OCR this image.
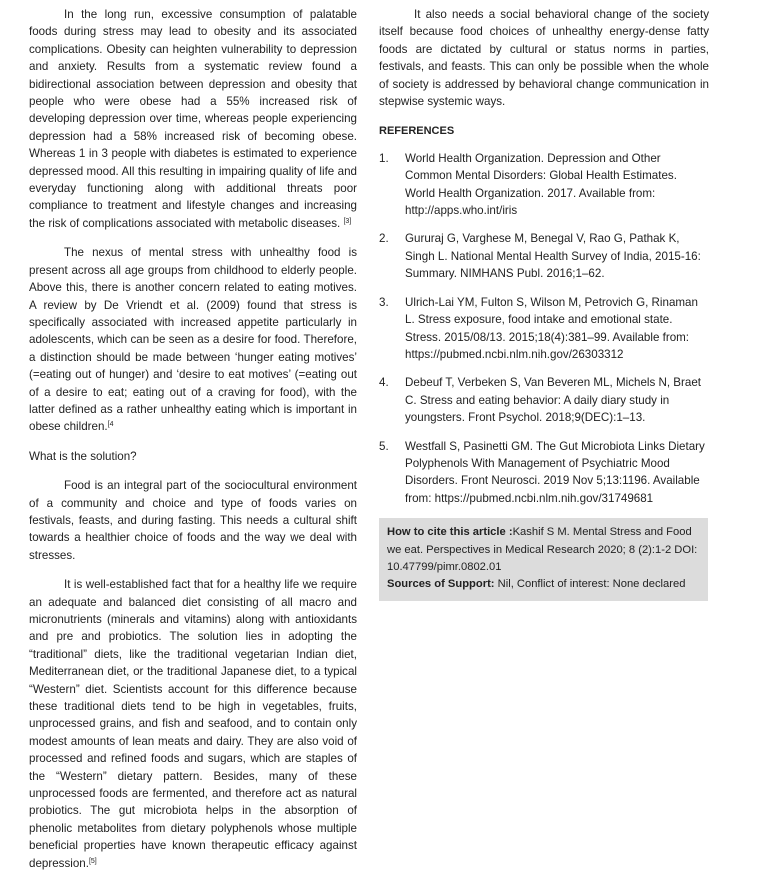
In the long run, excessive consumption of palatable foods during stress may lead to obesity and its associated complications. Obesity can heighten vulnerability to depression and anxiety. Results from a systematic review found a bidirectional association between depression and obesity that people who were obese had a 55% increased risk of developing depression over time, whereas people experiencing depression had a 58% increased risk of becoming obese. Whereas 1 in 3 people with diabetes is estimated to experience depressed mood. All this resulting in impairing quality of life and everyday functioning along with additional threats poor compliance to treatment and lifestyle changes and increasing the risk of complications associated with metabolic diseases. [3]

The nexus of mental stress with unhealthy food is present across all age groups from childhood to elderly people. Above this, there is another concern related to eating motives. A review by De Vriendt et al. (2009) found that stress is specifically associated with increased appetite particularly in adolescents, which can be seen as a desire for food. Therefore, a distinction should be made between ‘hunger eating motives’ (=eating out of hunger) and ‘desire to eat motives’ (=eating out of a desire to eat; eating out of a craving for food), with the latter defined as a rather unhealthy eating which is important in obese children.$^{[4}$

What is the solution?

Food is an integral part of the sociocultural environment of a community and choice and type of foods varies on festivals, feasts, and during fasting. This needs a cultural shift towards a healthier choice of foods and the way we deal with stresses.

It is well-established fact that for a healthy life we require an adequate and balanced diet consisting of all macro and micronutrients (minerals and vitamins) along with antioxidants and pre and probiotics. The solution lies in adopting the “traditional” diets, like the traditional vegetarian Indian diet, Mediterranean diet, or the traditional Japanese diet, to a typical “Western” diet. Scientists account for this difference because these traditional diets tend to be high in vegetables, fruits, unprocessed grains, and fish and seafood, and to contain only modest amounts of lean meats and dairy. They are also void of processed and refined foods and sugars, which are staples of the “Western” dietary pattern. Besides, many of these unprocessed foods are fermented, and therefore act as natural probiotics. The gut microbiota helps in the absorption of phenolic metabolites from dietary polyphenols whose multiple beneficial properties have known therapeutic efficacy against depression.[5]

It also needs a social behavioral change of the society itself because food choices of unhealthy energy-dense fatty foods are dictated by cultural or status norms in parties, festivals, and feasts. This can only be possible when the whole of society is addressed by behavioral change communication in stepwise systemic ways.

REFERENCES
1. World Health Organization. Depression and Other Common Mental Disorders: Global Health Estimates. World Health Organization. 2017. Available from: http://apps.who.int/iris
2. Gururaj G, Varghese M, Benegal V, Rao G, Pathak K, Singh L. National Mental Health Survey of India, 2015-16: Summary. NIMHANS Publ. 2016;1–62.
3. Ulrich-Lai YM, Fulton S, Wilson M, Petrovich G, Rinaman L. Stress exposure, food intake and emotional state. Stress. 2015/08/13. 2015;18(4):381–99. Available from: https://pubmed.ncbi.nlm.nih.gov/26303312
4. Debeuf T, Verbeken S, Van Beveren ML, Michels N, Braet C. Stress and eating behavior: A daily diary study in youngsters. Front Psychol. 2018;9(DEC):1–13.
5. Westfall S, Pasinetti GM. The Gut Microbiota Links Dietary Polyphenols With Management of Psychiatric Mood Disorders. Front Neurosci. 2019 Nov 5;13:1196. Available from: https://pubmed.ncbi.nlm.nih.gov/31749681
How to cite this article :Kashif S M. Mental Stress and Food we eat. Perspectives in Medical Research 2020; 8 (2):1-2 DOI: 10.47799/pimr.0802.01
Sources of Support: Nil, Conflict of interest: None declared
